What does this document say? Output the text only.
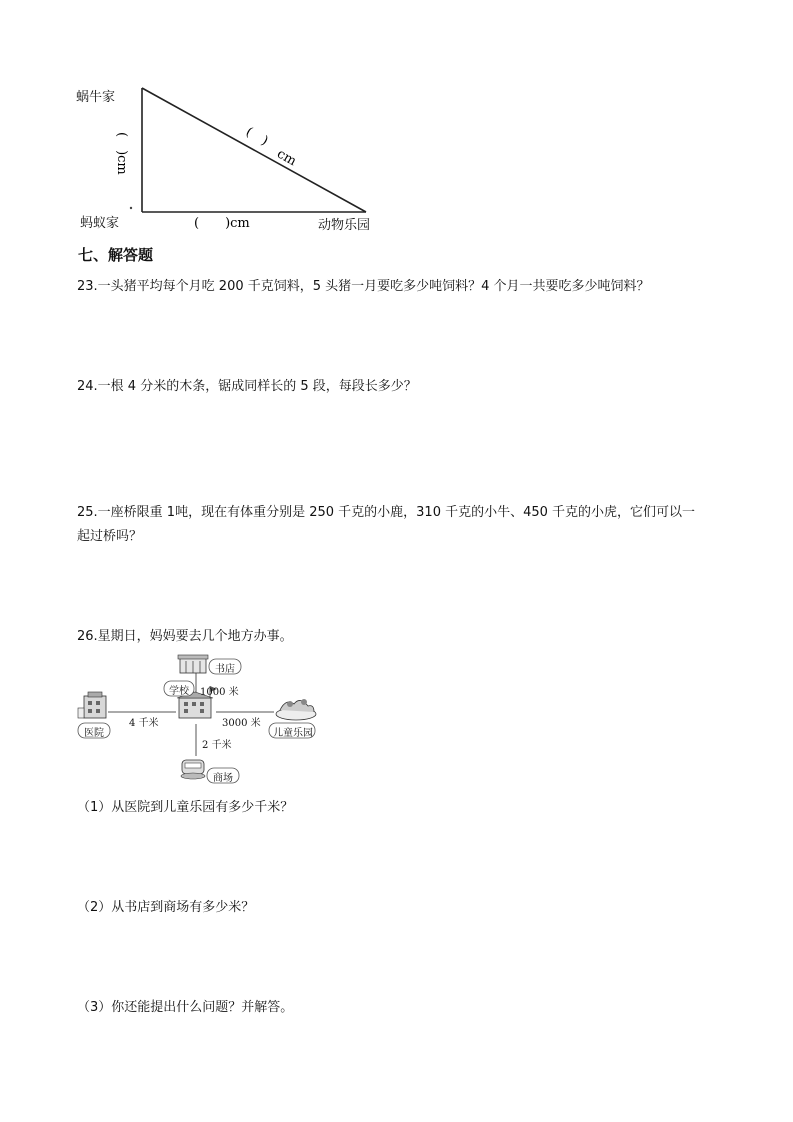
(　)
cm
(　)cm
(　　)cm
蜗牛家
蚂蚁家	动物乐园
七、解答题
23.一头猪平均每个月吃 200 千克饲料，5 头猪一月要吃多少吨饲料？4 个月一共要吃多少吨饲料？
24.一根 4 分米的木条，锯成同样长的 5 段，每段长多少？
25.一座桥限重 1吨，现在有体重分别是 250 千克的小鹿，310 千克的小牛、450 千克的小虎，它们可以一
起过桥吗？
26.星期日，妈妈要去几个地方办事。
书店
学校
医院	儿童乐园
商场
1000 米
4 千米	3000 米
2 千米
（1）从医院到儿童乐园有多少千米？
（2）从书店到商场有多少米？
（3）你还能提出什么问题？并解答。
